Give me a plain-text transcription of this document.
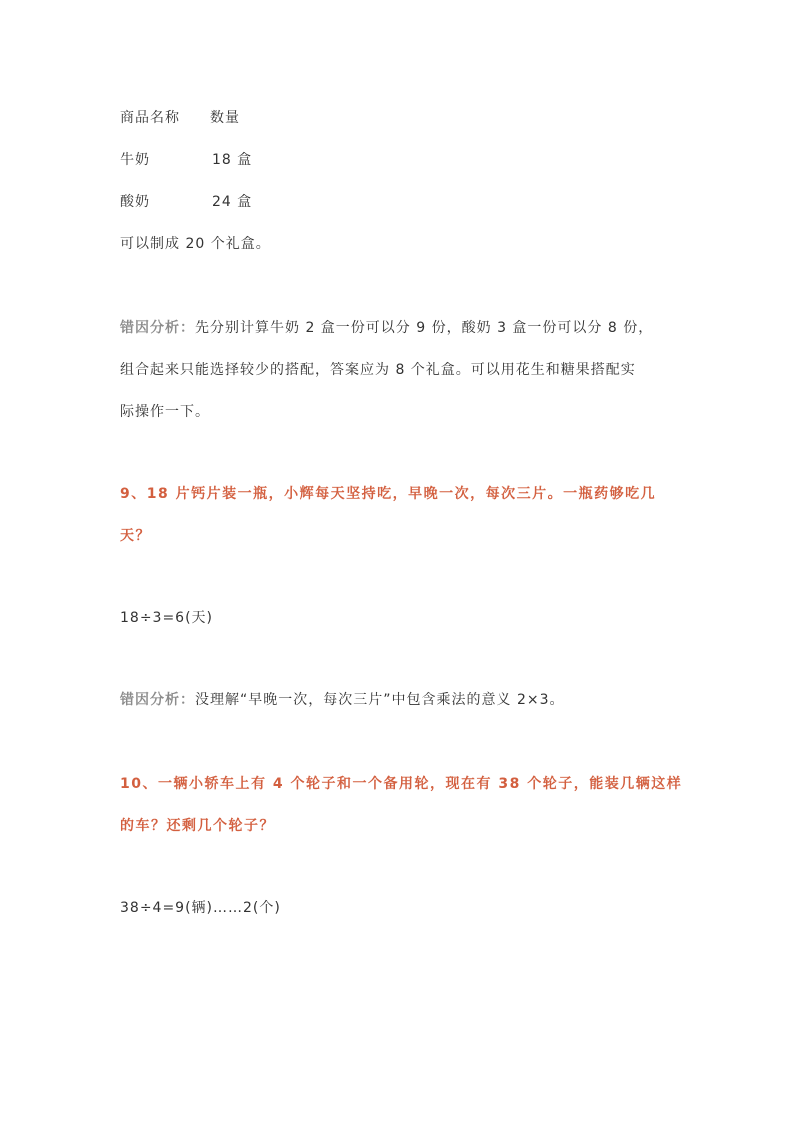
商品名称 数量
牛奶	18 盒
酸奶	24 盒
可以制成 20 个礼盒。
错因分析：先分别计算牛奶 2 盒一份可以分 9 份，酸奶 3 盒一份可以分 8 份，
组合起来只能选择较少的搭配，答案应为 8 个礼盒。可以用花生和糖果搭配实
际操作一下。
9、18 片钙片装一瓶，小辉每天坚持吃，早晚一次，每次三片。一瓶药够吃几
天？
18÷3=6(天)
错因分析：没理解“早晚一次，每次三片”中包含乘法的意义 2×3。
10、一辆小轿车上有 4 个轮子和一个备用轮，现在有 38 个轮子，能装几辆这样
的车？还剩几个轮子？
38÷4=9(辆)……2(个)
